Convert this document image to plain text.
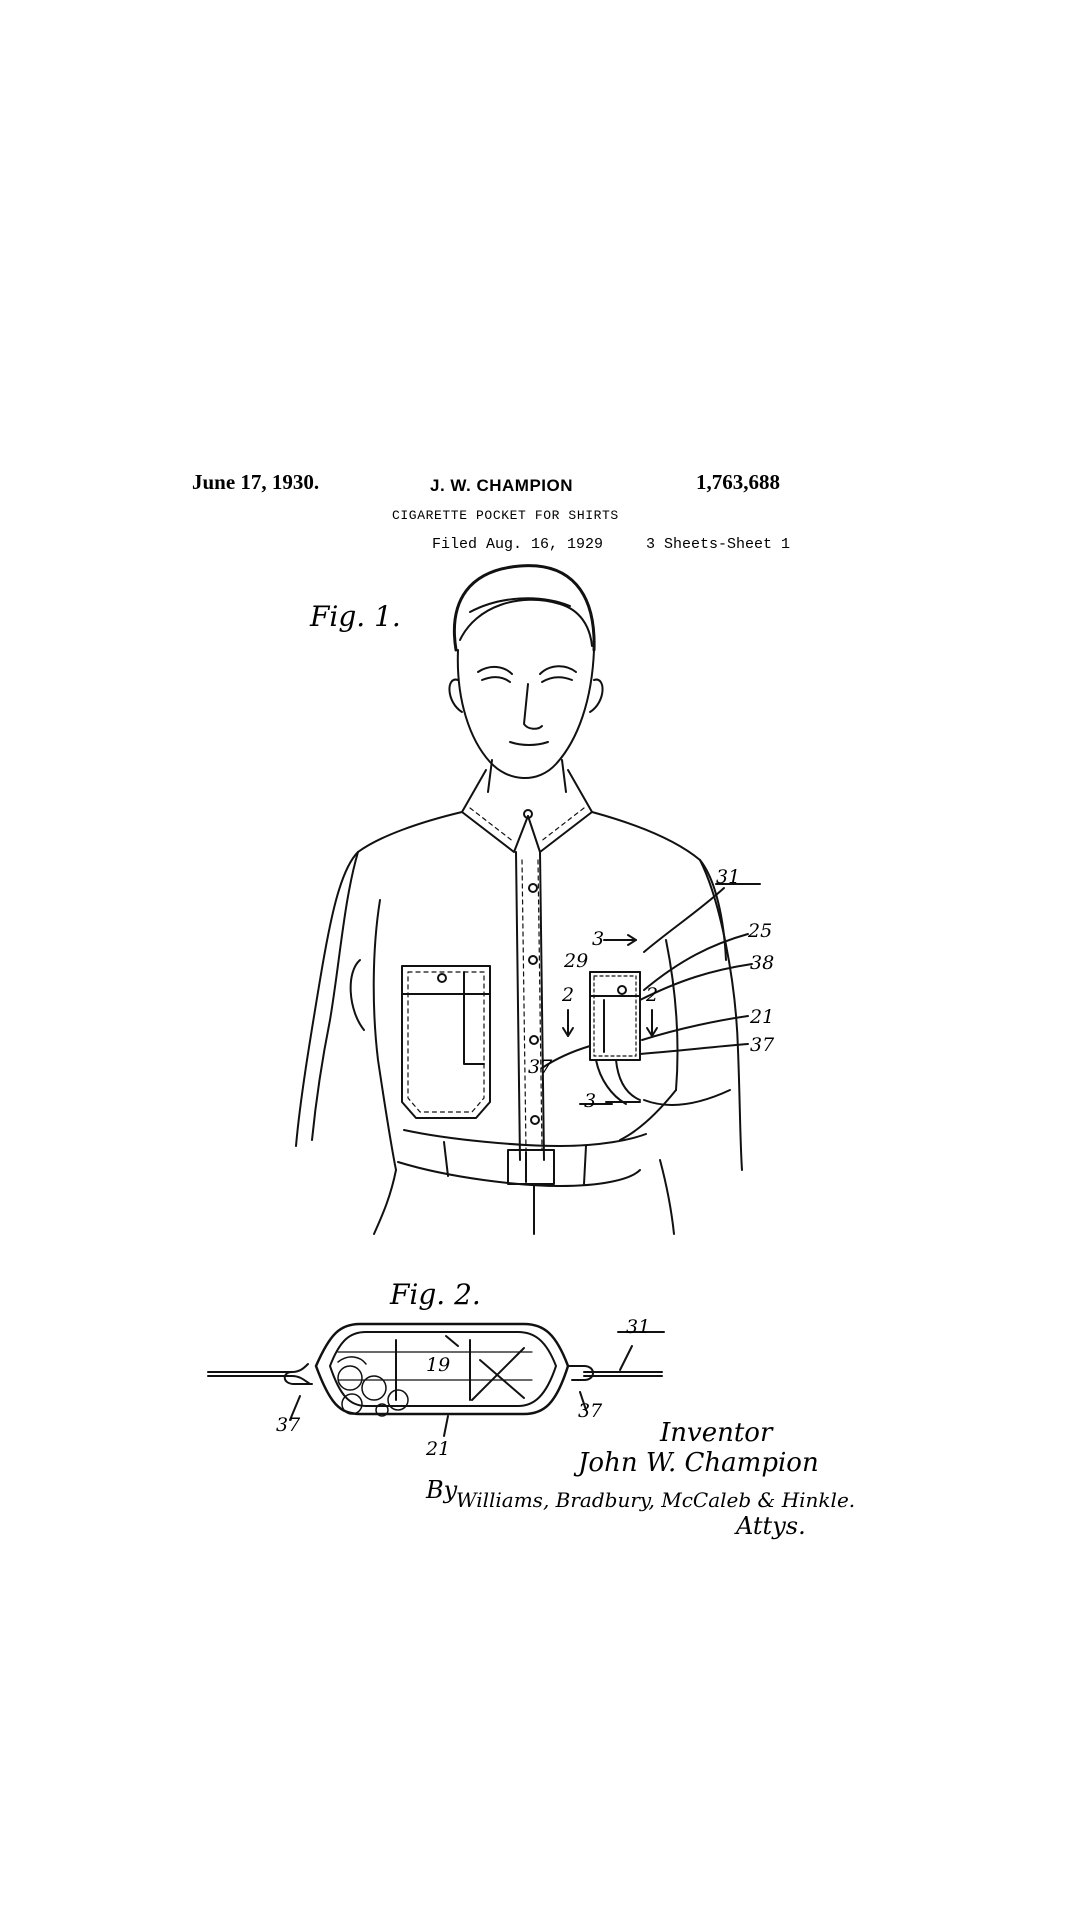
June 17, 1930.	J. W. CHAMPION	1,763,688
CIGARETTE POCKET FOR SHIRTS
Filed Aug. 16, 1929	3 Sheets-Sheet 1
Fig. 1.
Fig. 2.
31
25
38
21
37
37
29
3
3
2	2
31
19
37
37
21
Inventor
John W. Champion
By
Williams, Bradbury, McCaleb & Hinkle.
Attys.
